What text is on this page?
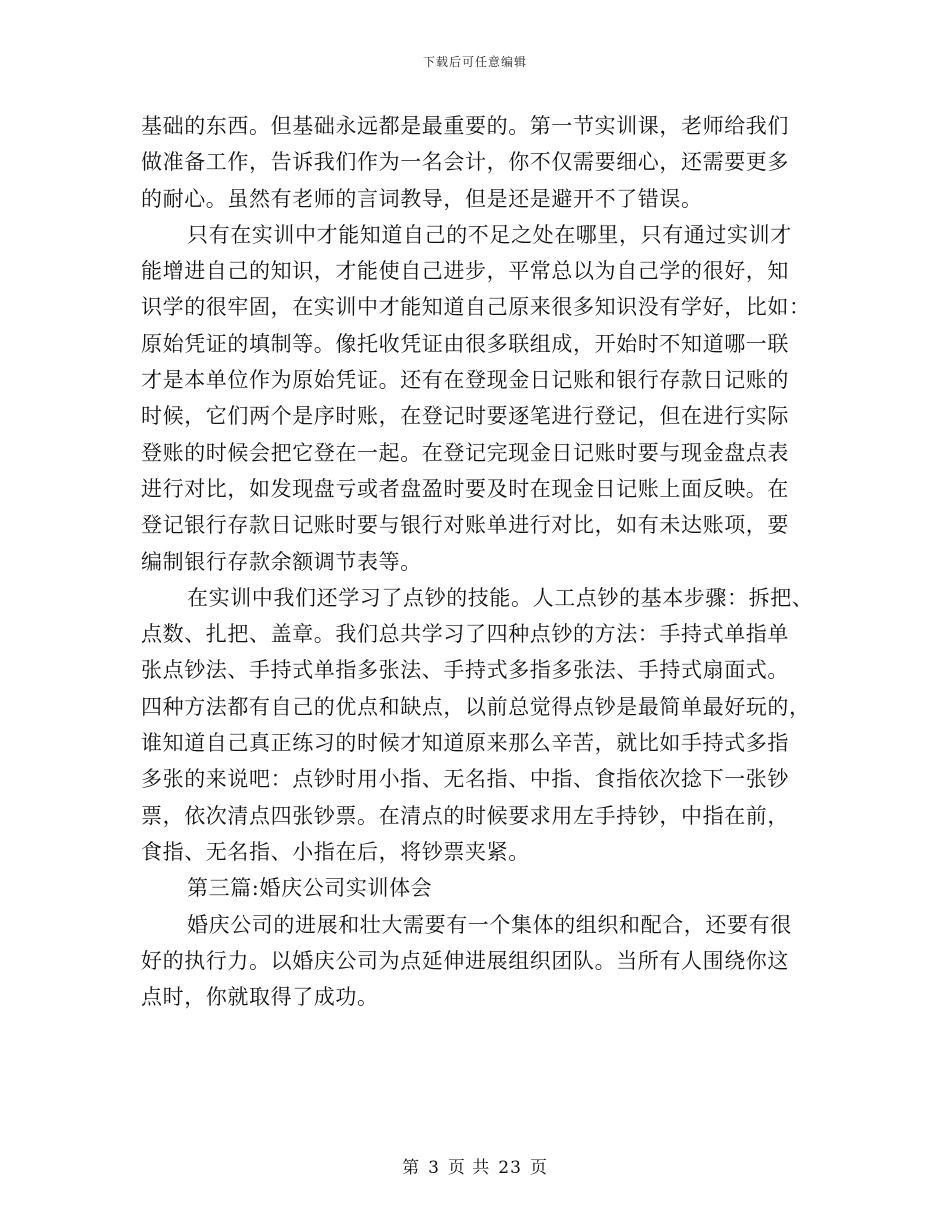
下载后可任意编辑
基础的东西。但基础永远都是最重要的。第一节实训课，老师给我们
做准备工作，告诉我们作为一名会计，你不仅需要细心，还需要更多
的耐心。虽然有老师的言词教导，但是还是避开不了错误。
只有在实训中才能知道自己的不足之处在哪里，只有通过实训才
能增进自己的知识，才能使自己进步，平常总以为自己学的很好，知
识学的很牢固，在实训中才能知道自己原来很多知识没有学好，比如：
原始凭证的填制等。像托收凭证由很多联组成，开始时不知道哪一联
才是本单位作为原始凭证。还有在登现金日记账和银行存款日记账的
时候，它们两个是序时账，在登记时要逐笔进行登记，但在进行实际
登账的时候会把它登在一起。在登记完现金日记账时要与现金盘点表
进行对比，如发现盘亏或者盘盈时要及时在现金日记账上面反映。在
登记银行存款日记账时要与银行对账单进行对比，如有未达账项，要
编制银行存款余额调节表等。
在实训中我们还学习了点钞的技能。人工点钞的基本步骤：拆把、
点数、扎把、盖章。我们总共学习了四种点钞的方法：手持式单指单
张点钞法、手持式单指多张法、手持式多指多张法、手持式扇面式。
四种方法都有自己的优点和缺点，以前总觉得点钞是最简单最好玩的，
谁知道自己真正练习的时候才知道原来那么辛苦，就比如手持式多指
多张的来说吧：点钞时用小指、无名指、中指、食指依次捻下一张钞
票，依次清点四张钞票。在清点的时候要求用左手持钞，中指在前，
食指、无名指、小指在后，将钞票夹紧。
第三篇:婚庆公司实训体会
婚庆公司的进展和壮大需要有一个集体的组织和配合，还要有很
好的执行力。以婚庆公司为点延伸进展组织团队。当所有人围绕你这
点时，你就取得了成功。
第 3 页 共 23 页
